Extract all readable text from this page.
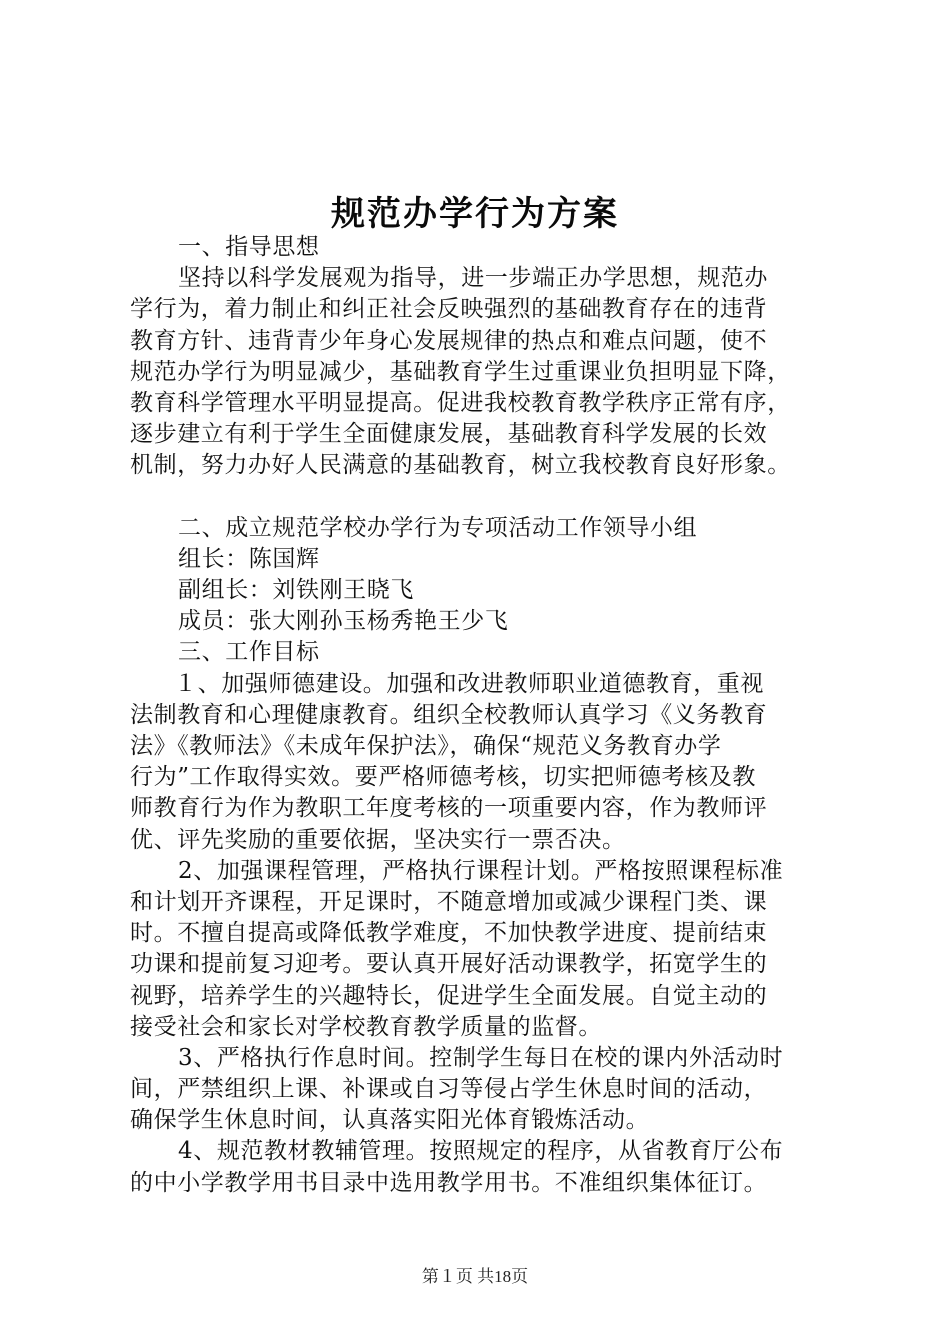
规范办学行为方案
一、指导思想
坚持以科学发展观为指导，进一步端正办学思想，规范办
学行为，着力制止和纠正社会反映强烈的基础教育存在的违背
教育方针、违背青少年身心发展规律的热点和难点问题，使不
规范办学行为明显减少，基础教育学生过重课业负担明显下降，
教育科学管理水平明显提高。促进我校教育教学秩序正常有序，
逐步建立有利于学生全面健康发展，基础教育科学发展的长效
机制，努力办好人民满意的基础教育，树立我校教育良好形象。
二、成立规范学校办学行为专项活动工作领导小组
组长：陈国辉
副组长：刘铁刚王晓飞
成员：张大刚孙玉杨秀艳王少飞
三、工作目标
１、加强师德建设。加强和改进教师职业道德教育，重视
法制教育和心理健康教育。组织全校教师认真学习《义务教育
法》《教师法》《未成年保护法》，确保“规范义务教育办学
行为”工作取得实效。要严格师德考核，切实把师德考核及教
师教育行为作为教职工年度考核的一项重要内容，作为教师评
优、评先奖励的重要依据，坚决实行一票否决。
2、加强课程管理，严格执行课程计划。严格按照课程标准
和计划开齐课程，开足课时，不随意增加或减少课程门类、课
时。不擅自提高或降低教学难度，不加快教学进度、提前结束
功课和提前复习迎考。要认真开展好活动课教学，拓宽学生的
视野，培养学生的兴趣特长，促进学生全面发展。自觉主动的
接受社会和家长对学校教育教学质量的监督。
3、严格执行作息时间。控制学生每日在校的课内外活动时
间，严禁组织上课、补课或自习等侵占学生休息时间的活动，
确保学生休息时间，认真落实阳光体育锻炼活动。
4、规范教材教辅管理。按照规定的程序，从省教育厅公布
的中小学教学用书目录中选用教学用书。不准组织集体征订。
第１页 共18页
